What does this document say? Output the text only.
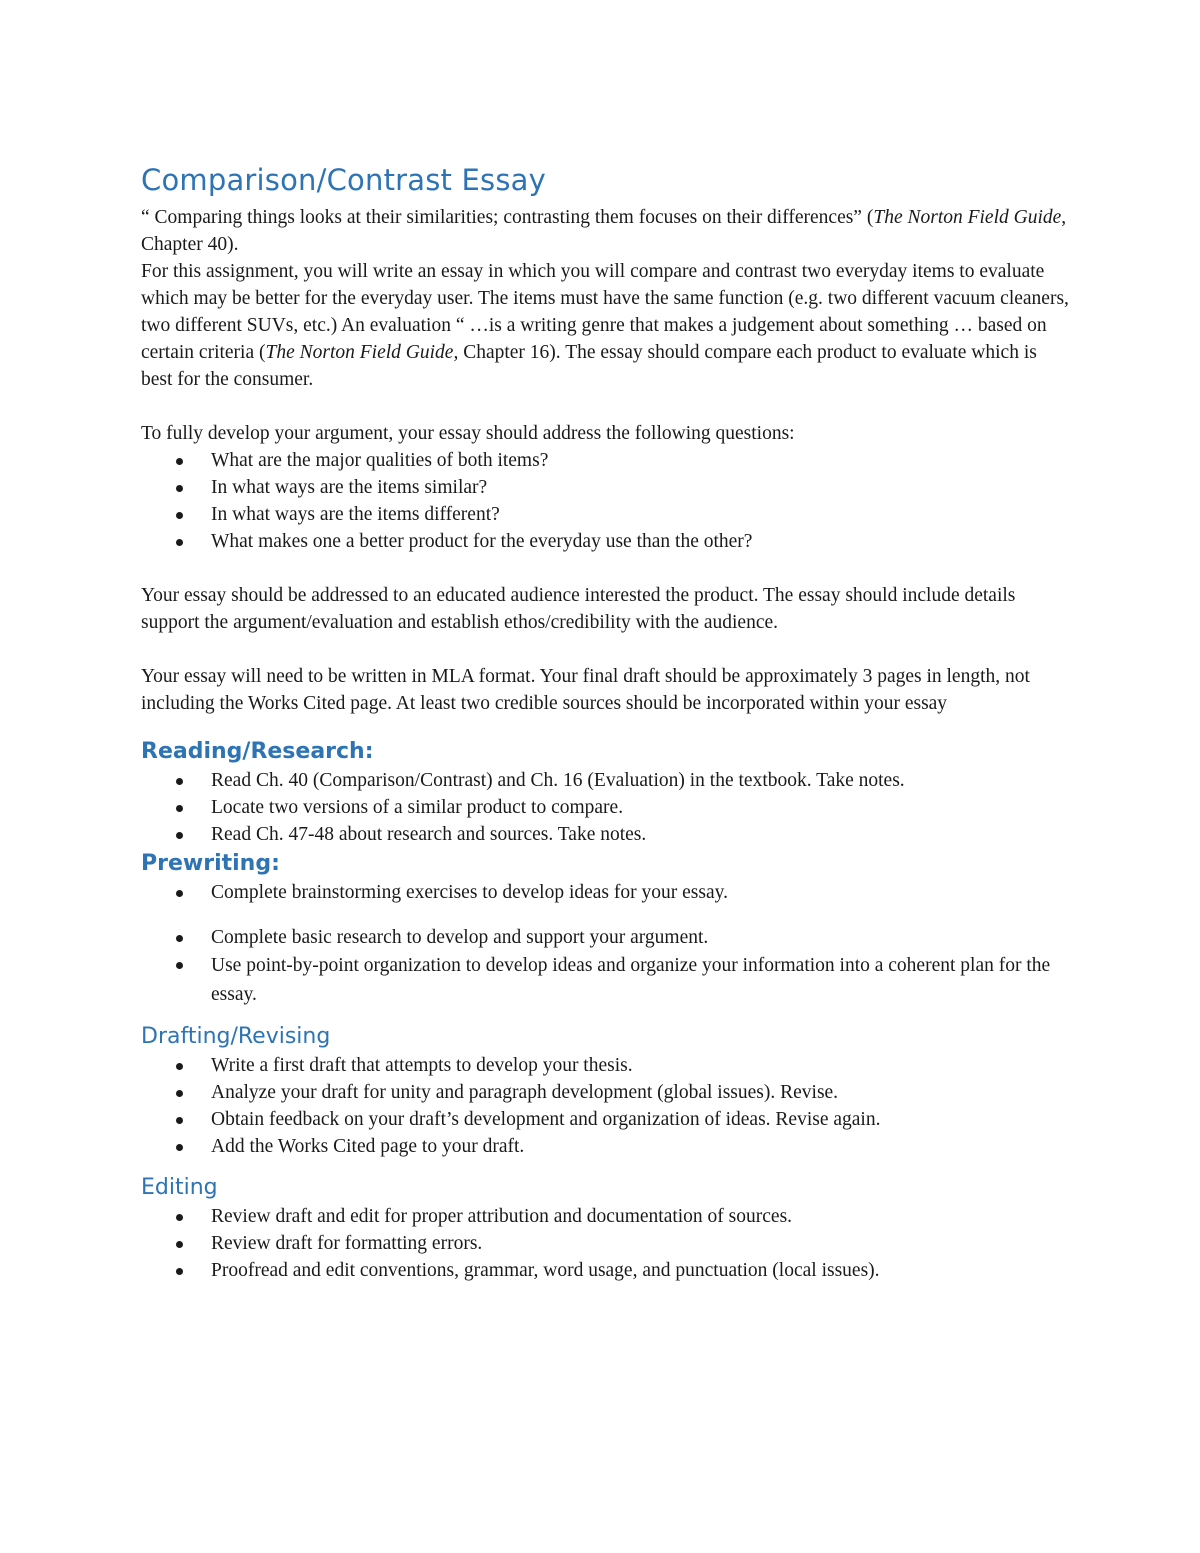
Comparison/Contrast Essay

“ Comparing things looks at their similarities; contrasting them focuses on their differences” (The Norton Field Guide, Chapter 40).

For this assignment, you will write an essay in which you will compare and contrast two everyday items to evaluate which may be better for the everyday user. The items must have the same function (e.g. two different vacuum cleaners, two different SUVs, etc.) An evaluation “ …is a writing genre that makes a judgement about something … based on certain criteria (The Norton Field Guide, Chapter 16). The essay should compare each product to evaluate which is best for the consumer.

To fully develop your argument, your essay should address the following questions:

What are the major qualities of both items?
In what ways are the items similar?
In what ways are the items different?
What makes one a better product for the everyday use than the other?

Your essay should be addressed to an educated audience interested the product. The essay should include details support the argument/evaluation and establish ethos/credibility with the audience.

Your essay will need to be written in MLA format. Your final draft should be approximately 3 pages in length, not including the Works Cited page. At least two credible sources should be incorporated within your essay

Reading/Research:
Read Ch. 40 (Comparison/Contrast) and Ch. 16 (Evaluation) in the textbook. Take notes.
Locate two versions of a similar product to compare.
Read Ch. 47-48 about research and sources. Take notes.
Prewriting:
Complete brainstorming exercises to develop ideas for your essay.
Complete basic research to develop and support your argument.
Use point-by-point organization to develop ideas and organize your information into a coherent plan for the essay.
Drafting/Revising
Write a first draft that attempts to develop your thesis.
Analyze your draft for unity and paragraph development (global issues). Revise.
Obtain feedback on your draft’s development and organization of ideas. Revise again.
Add the Works Cited page to your draft.
Editing
Review draft and edit for proper attribution and documentation of sources.
Review draft for formatting errors.
Proofread and edit conventions, grammar, word usage, and punctuation (local issues).
